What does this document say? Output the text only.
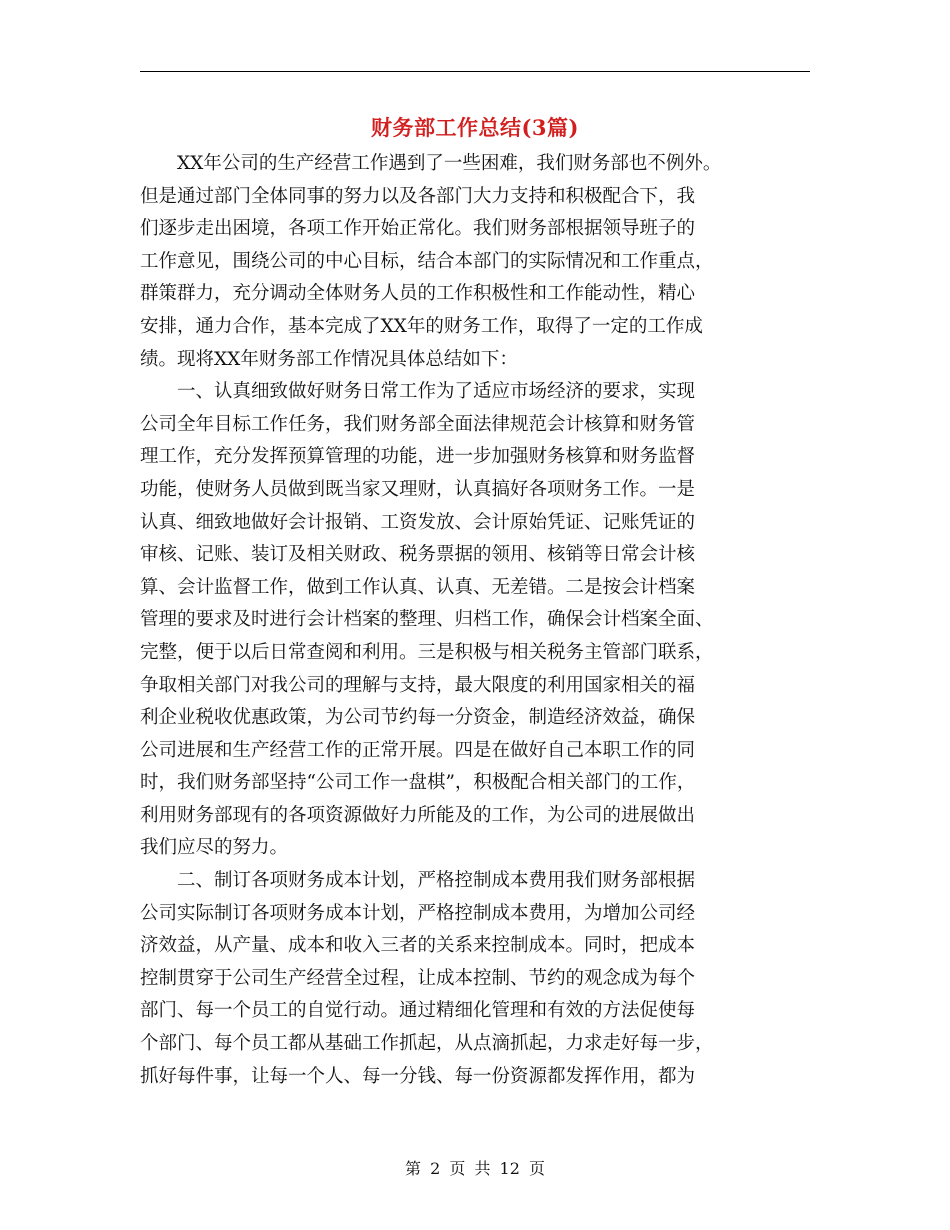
财务部工作总结(3篇)
　　XX年公司的生产经营工作遇到了一些困难，我们财务部也不例外。
但是通过部门全体同事的努力以及各部门大力支持和积极配合下，我
们逐步走出困境，各项工作开始正常化。我们财务部根据领导班子的
工作意见，围绕公司的中心目标，结合本部门的实际情况和工作重点，
群策群力，充分调动全体财务人员的工作积极性和工作能动性，精心
安排，通力合作，基本完成了XX年的财务工作，取得了一定的工作成
绩。现将XX年财务部工作情况具体总结如下：
　　一、认真细致做好财务日常工作为了适应市场经济的要求，实现
公司全年目标工作任务，我们财务部全面法律规范会计核算和财务管
理工作，充分发挥预算管理的功能，进一步加强财务核算和财务监督
功能，使财务人员做到既当家又理财，认真搞好各项财务工作。一是
认真、细致地做好会计报销、工资发放、会计原始凭证、记账凭证的
审核、记账、装订及相关财政、税务票据的领用、核销等日常会计核
算、会计监督工作，做到工作认真、认真、无差错。二是按会计档案
管理的要求及时进行会计档案的整理、归档工作，确保会计档案全面、
完整，便于以后日常查阅和利用。三是积极与相关税务主管部门联系，
争取相关部门对我公司的理解与支持，最大限度的利用国家相关的福
利企业税收优惠政策，为公司节约每一分资金，制造经济效益，确保
公司进展和生产经营工作的正常开展。四是在做好自己本职工作的同
时，我们财务部坚持“公司工作一盘棋”，积极配合相关部门的工作，
利用财务部现有的各项资源做好力所能及的工作，为公司的进展做出
我们应尽的努力。
　　二、制订各项财务成本计划，严格控制成本费用我们财务部根据
公司实际制订各项财务成本计划，严格控制成本费用，为增加公司经
济效益，从产量、成本和收入三者的关系来控制成本。同时，把成本
控制贯穿于公司生产经营全过程，让成本控制、节约的观念成为每个
部门、每一个员工的自觉行动。通过精细化管理和有效的方法促使每
个部门、每个员工都从基础工作抓起，从点滴抓起，力求走好每一步，
抓好每件事，让每一个人、每一分钱、每一份资源都发挥作用，都为
第 2 页 共 12 页
